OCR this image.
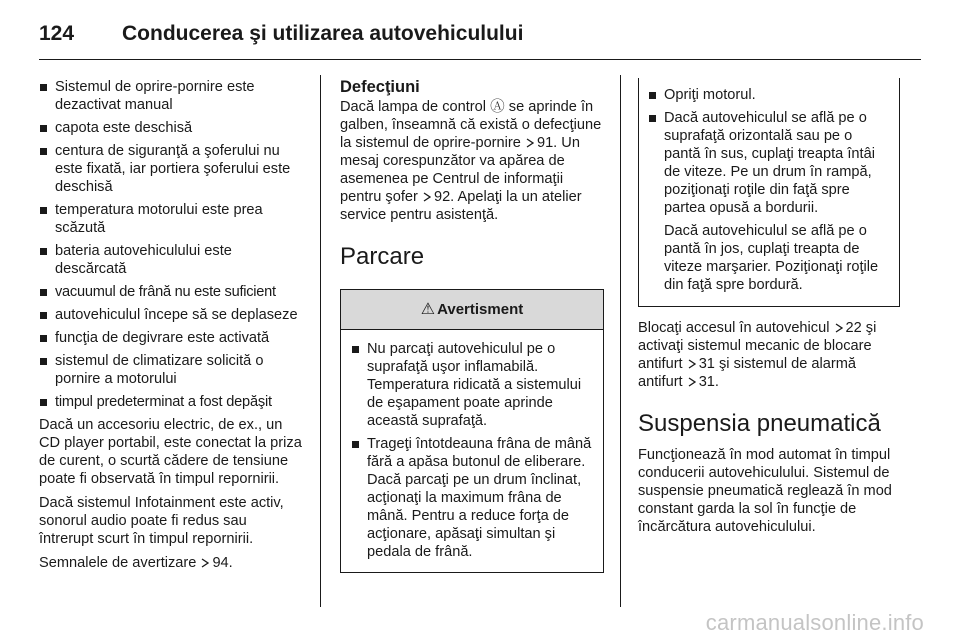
124	Conducerea şi utilizarea autovehiculului
Sistemul de oprire-pornire este dezactivat manual
capota este deschisă
centura de siguranţă a şoferului nu este fixată, iar portiera şoferului este deschisă
temperatura motorului este prea scăzută
bateria autovehiculului este descărcată
vacuumul de frână nu este suficient
autovehiculul începe să se deplaseze
funcţia de degivrare este activată
sistemul de climatizare solicită o pornire a motorului
timpul predeterminat a fost depăşit

Dacă un accesoriu electric, de ex., un CD player portabil, este conectat la priza de curent, o scurtă cădere de tensiune poate fi observată în timpul repornirii.

Dacă sistemul Infotainment este activ, sonorul audio poate fi redus sau întrerupt scurt în timpul repornirii.

Semnalele de avertizare 94.

Defecţiuni

Dacă lampa de control Ⓐ se aprinde în galben, înseamnă că există o defecţiune la sistemul de oprire-pornire 91. Un mesaj corespunzător va apărea de asemenea pe Centrul de informaţii pentru şofer 92. Apelaţi la un atelier service pentru asistenţă.

Parcare
⚠ Avertisment
Nu parcaţi autovehiculul pe o suprafaţă uşor inflamabilă. Temperatura ridicată a sistemului de eşapament poate aprinde această suprafaţă.
Trageţi întotdeauna frâna de mână fără a apăsa butonul de eliberare. Dacă parcaţi pe un drum înclinat, acţionaţi la maximum frâna de mână. Pentru a reduce forţa de acţionare, apăsaţi simultan şi pedala de frână.
Opriţi motorul.
Dacă autovehiculul se află pe o suprafaţă orizontală sau pe o pantă în sus, cuplaţi treapta întâi de viteze. Pe un drum în rampă, poziţionaţi roţile din faţă spre partea opusă a bordurii.

Dacă autovehiculul se află pe o pantă în jos, cuplaţi treapta de viteze marşarier. Poziţionaţi roţile din faţă spre bordură.

Blocaţi accesul în autovehicul 22 şi activaţi sistemul mecanic de blocare antifurt 31 şi sistemul de alarmă antifurt 31.

Suspensia pneumatică

Funcţionează în mod automat în timpul conducerii autovehiculului. Sistemul de suspensie pneumatică reglează în mod constant garda la sol în funcţie de încărcătura autovehiculului.

carmanualsonline.info
